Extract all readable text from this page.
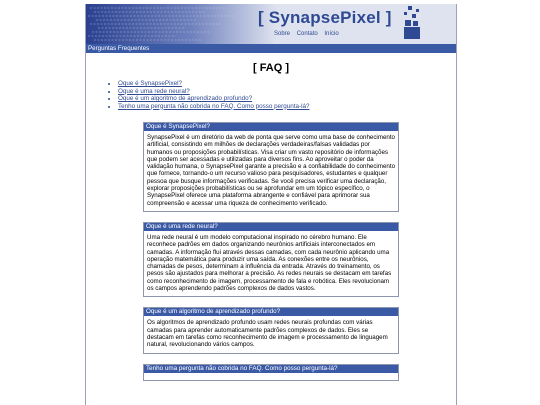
[ SynapsePixel ]
Sobre Contato Início
Perguntas Frequentes
[ FAQ ]
• Oque é SynapsePixel?
• Oque é uma rede neural?
• Oque é um algoritmo de aprendizado profundo?
• Tenho uma pergunta não cobrida no FAQ. Como posso pergunta-lá?
Oque é SynapsePixel?
SynapsePixel é um diretório da web de ponta que serve como uma base de conhecimento artificial, consistindo em milhões de declarações verdadeiras/falsas validadas por humanos ou proposições probabilísticas. Visa criar um vasto repositório de informações que podem ser acessadas e utilizadas para diversos fins. Ao aproveitar o poder da validação humana, o SynapsePixel garante a precisão e a confiabilidade do conhecimento que fornece, tornando-o um recurso valioso para pesquisadores, estudantes e qualquer pessoa que busque informações verificadas. Se você precisa verificar uma declaração, explorar proposições probabilísticas ou se aprofundar em um tópico específico, o SynapsePixel oferece uma plataforma abrangente e confiável para aprimorar sua compreensão e acessar uma riqueza de conhecimento verificado.
Oque é uma rede neural?
Uma rede neural é um modelo computacional inspirado no cérebro humano. Ele reconhece padrões em dados organizando neurônios artificiais interconectados em camadas. A informação flui através dessas camadas, com cada neurônio aplicando uma operação matemática para produzir uma saída. As conexões entre os neurônios, chamadas de pesos, determinam a influência da entrada. Através do treinamento, os pesos são ajustados para melhorar a precisão. As redes neurais se destacam em tarefas como reconhecimento de imagem, processamento de fala e robótica. Eles revolucionam os campos aprendendo padrões complexos de dados vastos.
Oque é um algoritmo de aprendizado profundo?
Os algoritmos de aprendizado profundo usam redes neurais profundas com várias camadas para aprender automaticamente padrões complexos de dados. Eles se destacam em tarefas como reconhecimento de imagem e processamento de linguagem natural, revolucionando vários campos.
Tenho uma pergunta não cobrida no FAQ. Como posso pergunta-lá?
